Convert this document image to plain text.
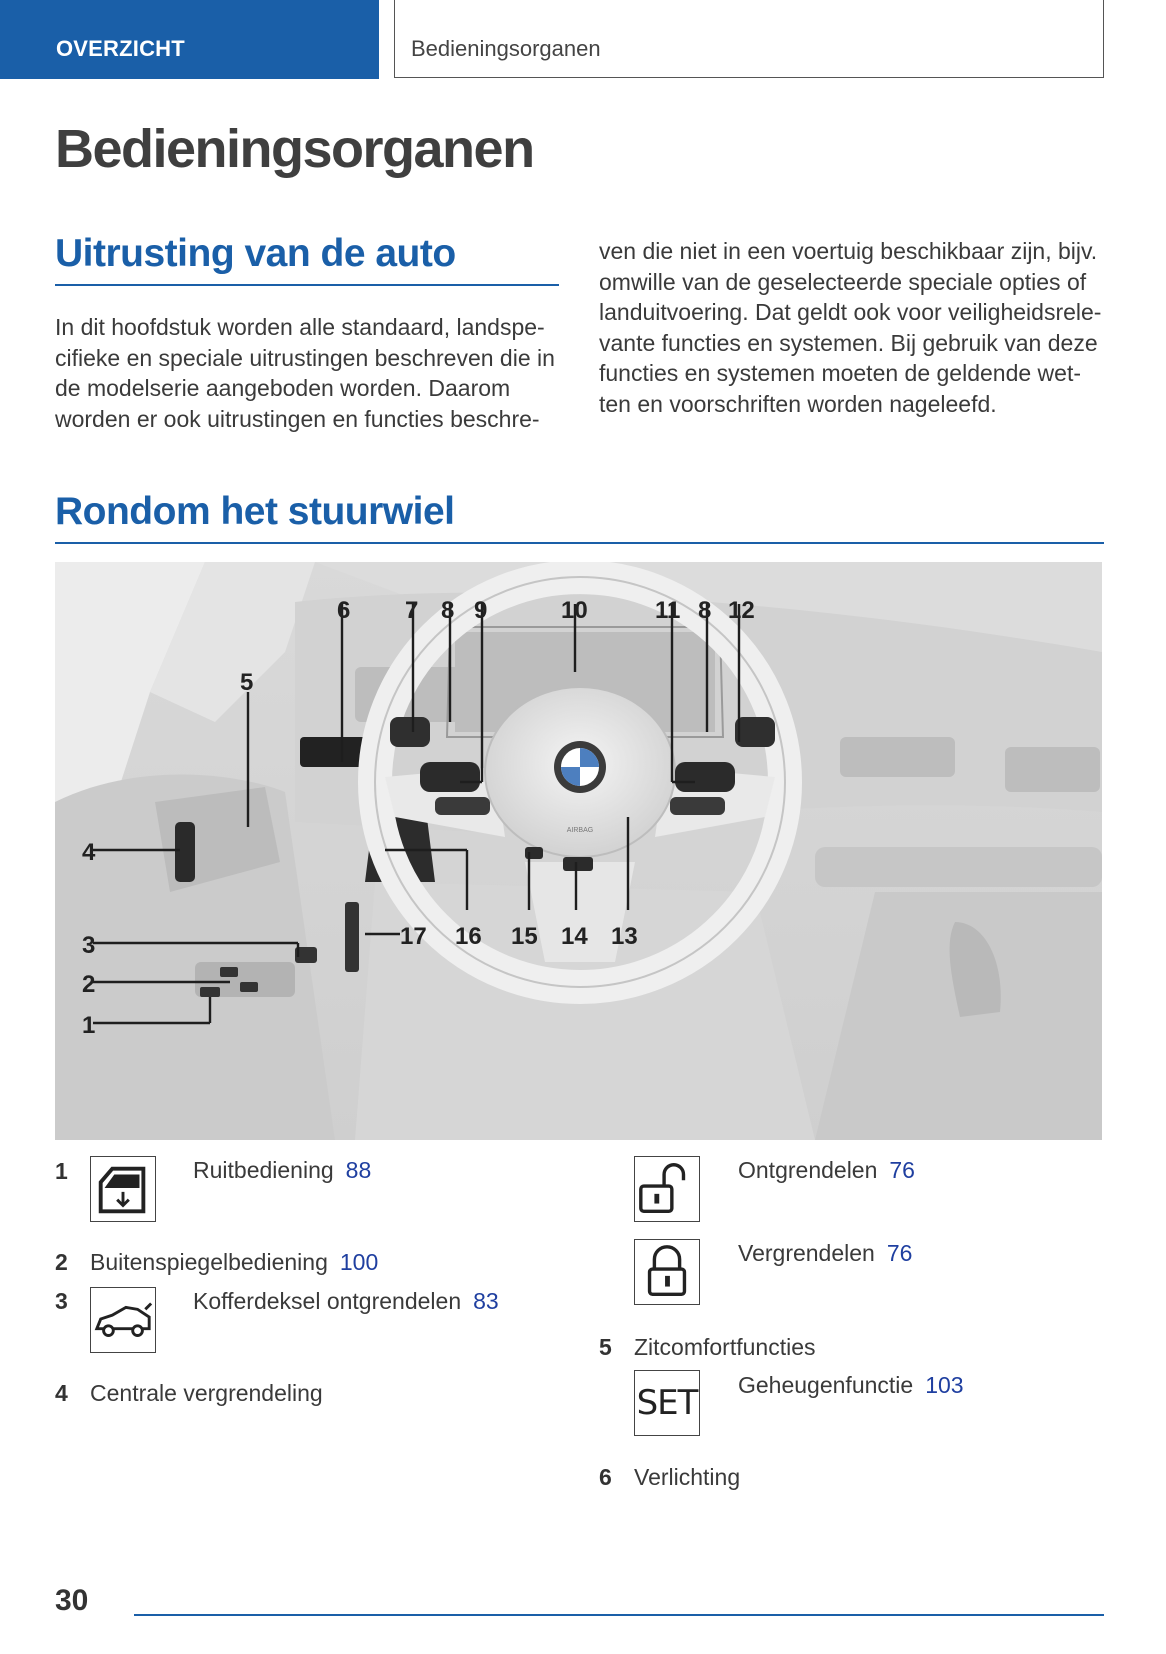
OVERZICHT	Bedieningsorganen
Bedieningsorganen
Uitrusting van de auto
In dit hoofdstuk worden alle standaard, landspe-
cifieke en speciale uitrustingen beschreven die in
de modelserie aangeboden worden. Daarom
worden er ook uitrustingen en functies beschre-
ven die niet in een voertuig beschikbaar zijn, bijv.
omwille van de geselecteerde speciale opties of
landuitvoering. Dat geldt ook voor veiligheidsrele-
vante functies en systemen. Bij gebruik van deze
functies en systemen moeten de geldende wet-
ten en voorschriften worden nageleefd.
Rondom het stuurwiel
AIRBAG
6 7 8 9	10	11 8 12
5
4
3
2
1
17 16 15 14 13
1	Ruitbediening 88
2 Buitenspiegelbediening 100
3	Kofferdeksel ontgrendelen 83
4 Centrale vergrendeling
Ontgrendelen 76
Vergrendelen 76
5 Zitcomfortfuncties
SET Geheugenfunctie 103
6 Verlichting
30
